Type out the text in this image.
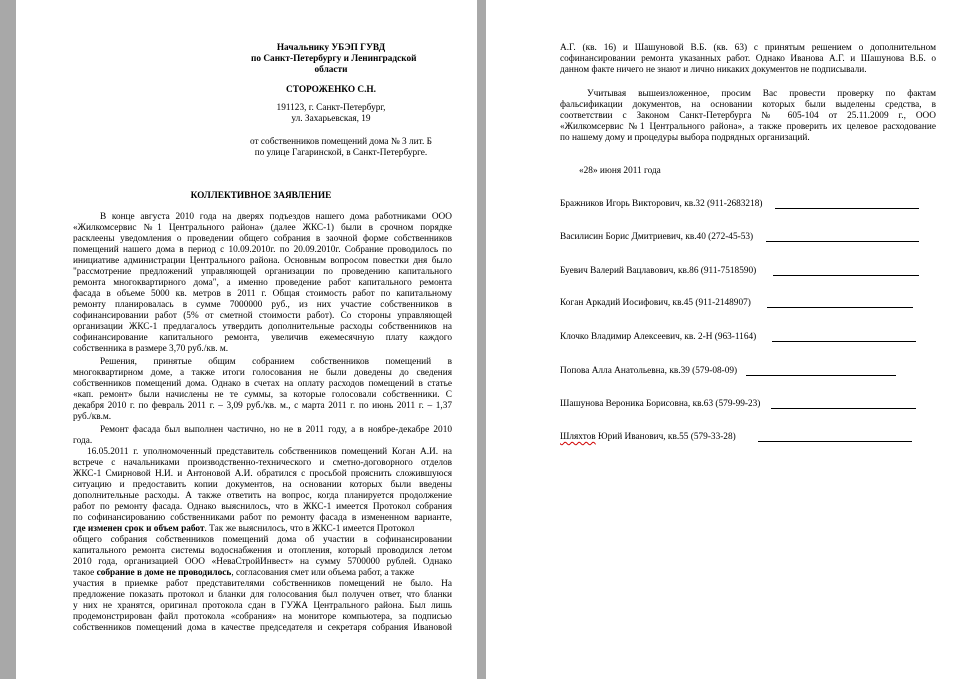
Начальнику УБЭП ГУВД
по Санкт-Петербургу и Ленинградской
области
СТОРОЖЕНКО С.Н.
191123, г. Санкт-Петербург,
ул. Захарьевская, 19
от собственников помещений дома № 3 лит. Б
по улице Гагаринской, в Санкт-Петербурге.
КОЛЛЕКТИВНОЕ ЗАЯВЛЕНИЕ
В конце августа 2010 года на дверях подъездов нашего дома работниками ООО
«Жилкомсервис №1 Центрального района» (далее ЖКС-1) были в срочном порядке
расклеены уведомления о проведении общего собрания в заочной форме собственников
помещений нашего дома в период с 10.09.2010г. по 20.09.2010г. Собрание проводилось по
инициативе администрации Центрального района. Основным вопросом повестки дня было
"рассмотрение предложений управляющей организации по проведению капитального
ремонта многоквартирного дома", а именно проведение работ капитального ремонта
фасада в объеме 5000 кв. метров в 2011 г. Общая стоимость работ по капитальному
ремонту планировалась в сумме 7000000 руб., из них участие собственников в
софинансировании работ (5% от сметной стоимости работ). Со стороны управляющей
организации ЖКС-1 предлагалось утвердить дополнительные расходы собственников на
софинансирование капитального ремонта, увеличив ежемесячную плату каждого
собственника в размере 3,70 руб./кв. м.
Решения, принятые общим собранием собственников помещений в
многоквартирном доме, а также итоги голосования не были доведены до сведения
собственников помещений дома. Однако в счетах на оплату расходов помещений в статье
«кап. ремонт» были начислены не те суммы, за которые голосовали собственники. С
декабря 2010 г. по февраль 2011 г. – 3,09 руб./кв. м., с марта 2011 г. по июнь 2011 г. – 1,37
руб./кв.м.
Ремонт фасада был выполнен частично, но не в 2011 году, а в ноябре-декабре 2010
года.
16.05.2011 г. уполномоченный представитель собственников помещений Коган А.И. на
встрече с начальниками производственно-технического и сметно-договорного отделов
ЖКС-1 Смирновой Н.И. и Антоновой А.И. обратился с просьбой прояснить сложившуюся
ситуацию и предоставить копии документов, на основании которых были введены
дополнительные расходы. А также ответить на вопрос, когда планируется продолжение
работ по ремонту фасада. Однако выяснилось, что в ЖКС-1 имеется Протокол собрания
по софинансированию собственниками работ по ремонту фасада в измененном варианте,
где изменен срок и объем работ. Так же выяснилось, что в ЖКС-1 имеется Протокол
общего собрания собственников помещений дома об участии в софинансировании
капитального ремонта системы водоснабжения и отопления, который проводился летом
2010 года, организацией ООО «НеваСтройИнвест» на сумму 5700000 рублей. Однако
такое собрание в доме не проводилось, согласования смет или объема работ, а также
участия в приемке работ представителями собственников помещений не было. На
предложение показать протокол и бланки для голосования был получен ответ, что бланки
у них не хранятся, оригинал протокола сдан в ГУЖА Центрального района. Был лишь
продемонстрирован файл протокола «собрания» на мониторе компьютера, за подписью
собственников помещений дома в качестве председателя и секретаря собрания Ивановой
А.Г. (кв. 16) и Шашуновой В.Б. (кв. 63) с принятым решением о дополнительном
софинансировании ремонта указанных работ. Однако Иванова А.Г. и Шашунова В.Б. о
данном факте ничего не знают и лично никаких документов не подписывали.
Учитывая вышеизложенное, просим Вас провести проверку по фактам
фальсификации документов, на основании которых были выделены средства, в
соответствии с Законом Санкт-Петербурга № 605-104 от 25.11.2009 г., ООО
«Жилкомсервис №1 Центрального района», а также проверить их целевое расходование
по нашему дому и процедуры выбора подрядных организаций.
«28» июня 2011 года
Бражников Игорь Викторович, кв.32 (911-2683218)
Василисин Борис Дмитриевич, кв.40 (272-45-53)
Буевич Валерий Вацлавович, кв.86 (911-7518590)
Коган Аркадий Иосифович, кв.45 (911-2148907)
Клочко Владимир Алексеевич, кв. 2-Н (963-1164)
Попова Алла Анатольевна, кв.39 (579-08-09)
Шашунова Вероника Борисовна, кв.63 (579-99-23)
Шляхтов Юрий Иванович, кв.55 (579-33-28)
